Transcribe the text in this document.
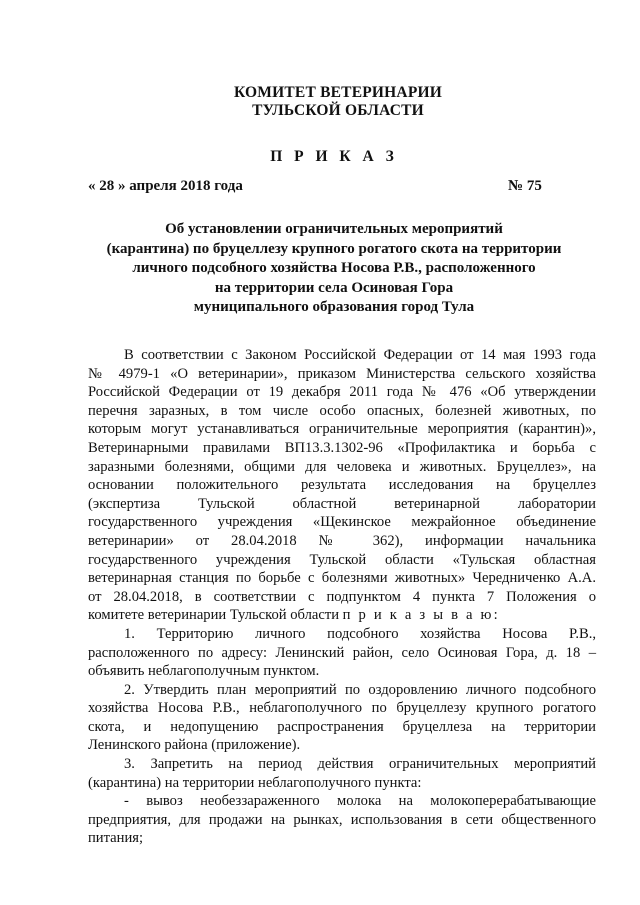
КОМИТЕТ ВЕТЕРИНАРИИ
ТУЛЬСКОЙ ОБЛАСТИ
П Р И К А З
« 28 » апреля 2018 года	№ 75
Об установлении ограничительных мероприятий
(карантина) по бруцеллезу крупного рогатого скота на территории
личного подсобного хозяйства Носова Р.В., расположенного
на территории села Осиновая Гора
муниципального образования город Тула

В соответствии с Законом Российской Федерации от 14 мая 1993 года

№ 4979-1 «О ветеринарии», приказом Министерства сельского хозяйства

Российской Федерации от 19 декабря 2011 года № 476 «Об утверждении

перечня заразных, в том числе особо опасных, болезней животных, по

которым могут устанавливаться ограничительные мероприятия (карантин)»,

Ветеринарными правилами ВП13.3.1302-96 «Профилактика и борьба с

заразными болезнями, общими для человека и животных. Бруцеллез», на

основании положительного результата исследования на бруцеллез

(экспертиза Тульской областной ветеринарной лаборатории

государственного учреждения «Щекинское межрайонное объединение

ветеринарии» от 28.04.2018 № 362), информации начальника

государственного учреждения Тульской области «Тульская областная

ветеринарная станция по борьбе с болезнями животных» Чередниченко А.А.

от 28.04.2018, в соответствии с подпунктом 4 пункта 7 Положения о

комитете ветеринарии Тульской области п р и к а з ы в а ю:

1. Территорию личного подсобного хозяйства Носова Р.В.,

расположенного по адресу: Ленинский район, село Осиновая Гора, д. 18 –

объявить неблагополучным пунктом.

2. Утвердить план мероприятий по оздоровлению личного подсобного

хозяйства Носова Р.В., неблагополучного по бруцеллезу крупного рогатого

скота, и недопущению распространения бруцеллеза на территории

Ленинского района (приложение).

3. Запретить на период действия ограничительных мероприятий

(карантина) на территории неблагополучного пункта:

- вывоз необеззараженного молока на молокоперерабатывающие

предприятия, для продажи на рынках, использования в сети общественного

питания;
